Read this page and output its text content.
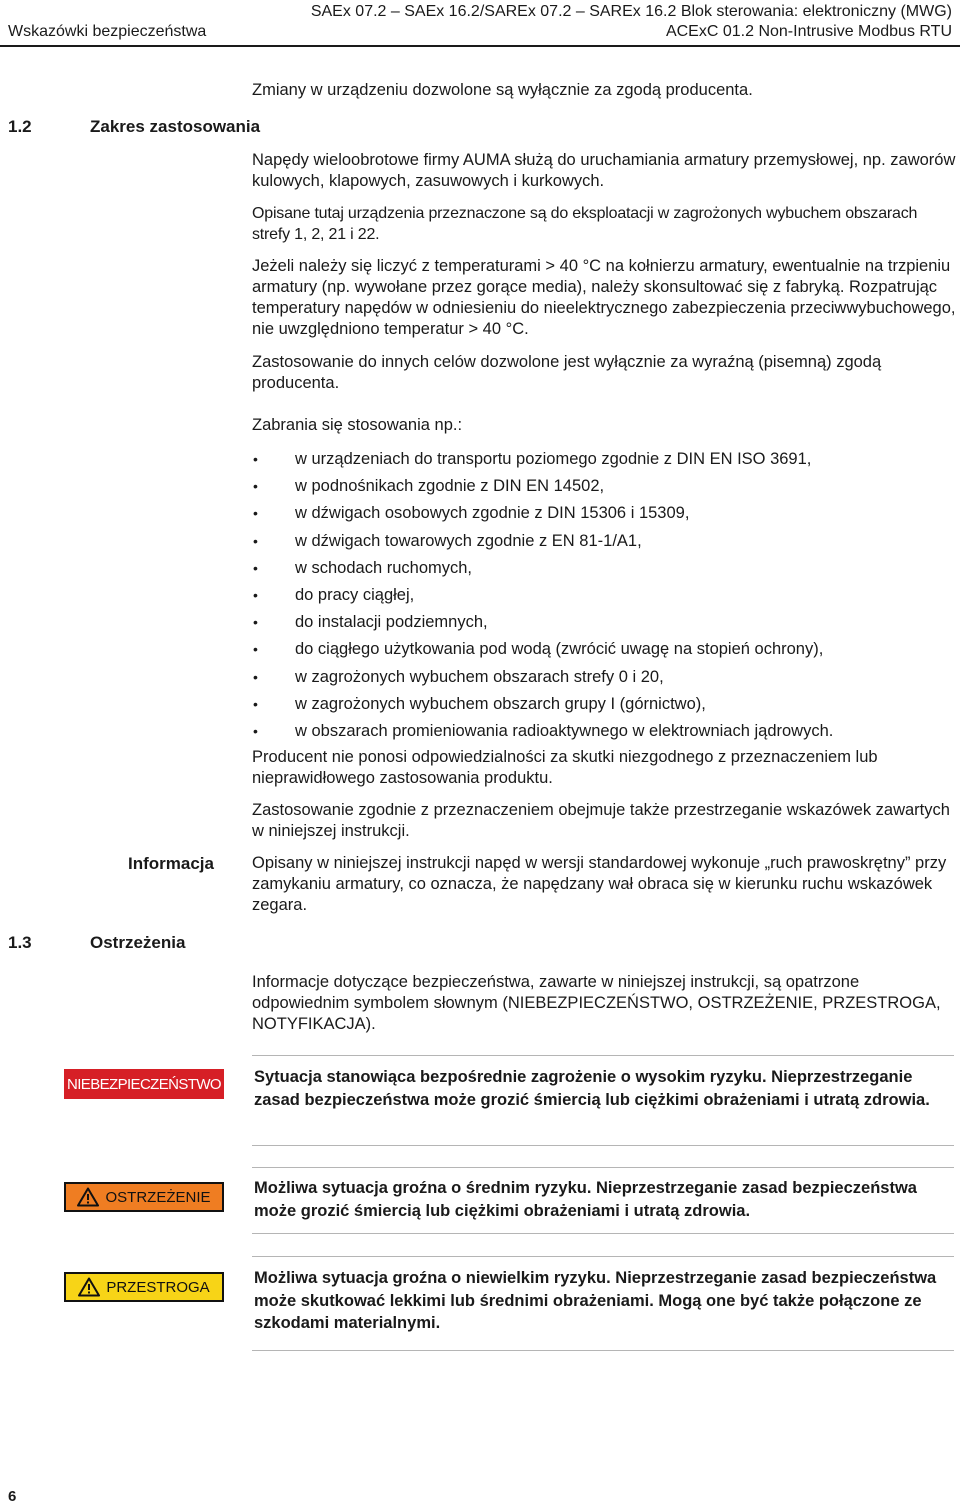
SAEx 07.2 – SAEx 16.2/SAREx 07.2 – SAREx 16.2 Blok sterowania: elektroniczny (MWG)
Wskazówki bezpieczeństwa	ACExC 01.2 Non-Intrusive Modbus RTU
Zmiany w urządzeniu dozwolone są wyłącznie za zgodą producenta.
1.2	Zakres zastosowania
Napędy wieloobrotowe firmy AUMA służą do uruchamiania armatury przemysłowej, np. zaworów kulowych, klapowych, zasuwowych i kurkowych.
Opisane tutaj urządzenia przeznaczone są do eksploatacji w zagrożonych wybuchem obszarach strefy 1, 2, 21 i 22.
Jeżeli należy się liczyć z temperaturami > 40 °C na kołnierzu armatury, ewentualnie na trzpieniu armatury (np. wywołane przez gorące media), należy skonsultować się z fabryką. Rozpatrując temperatury napędów w odniesieniu do nieelektrycznego zabezpieczenia przeciwwybuchowego, nie uwzględniono temperatur > 40 °C.
Zastosowanie do innych celów dozwolone jest wyłącznie za wyraźną (pisemną) zgodą producenta.
Zabrania się stosowania np.:
• w urządzeniach do transportu poziomego zgodnie z DIN EN ISO 3691,
• w podnośnikach zgodnie z DIN EN 14502,
• w dźwigach osobowych zgodnie z DIN 15306 i 15309,
• w dźwigach towarowych zgodnie z EN 81-1/A1,
• w schodach ruchomych,
• do pracy ciągłej,
• do instalacji podziemnych,
• do ciągłego użytkowania pod wodą (zwrócić uwagę na stopień ochrony),
• w zagrożonych wybuchem obszarach strefy 0 i 20,
• w zagrożonych wybuchem obszarch grupy I (górnictwo),
• w obszarach promieniowania radioaktywnego w elektrowniach jądrowych.
Producent nie ponosi odpowiedzialności za skutki niezgodnego z przeznaczeniem lub nieprawidłowego zastosowania produktu.
Zastosowanie zgodnie z przeznaczeniem obejmuje także przestrzeganie wskazówek zawartych w niniejszej instrukcji.
Informacja Opisany w niniejszej instrukcji napęd w wersji standardowej wykonuje „ruch prawoskrętny” przy zamykaniu armatury, co oznacza, że napędzany wał obraca się w kierunku ruchu wskazówek zegara.
1.3	Ostrzeżenia
Informacje dotyczące bezpieczeństwa, zawarte w niniejszej instrukcji, są opatrzone odpowiednim symbolem słownym (NIEBEZPIECZEŃSTWO, OSTRZEŻENIE, PRZESTROGA, NOTYFIKACJA).
NIEBEZPIECZEŃSTWO Sytuacja stanowiąca bezpośrednie zagrożenie o wysokim ryzyku. Nieprzestrzeganie zasad bezpieczeństwa może grozić śmiercią lub ciężkimi obrażeniami i utratą zdrowia.
OSTRZEŻENIE	Możliwa sytuacja groźna o średnim ryzyku. Nieprzestrzeganie zasad bezpieczeństwa może grozić śmiercią lub ciężkimi obrażeniami i utratą zdrowia.
PRZESTROGA	Możliwa sytuacja groźna o niewielkim ryzyku. Nieprzestrzeganie zasad bezpieczeństwa może skutkować lekkimi lub średnimi obrażeniami. Mogą one być także połączone ze szkodami materialnymi.
6
